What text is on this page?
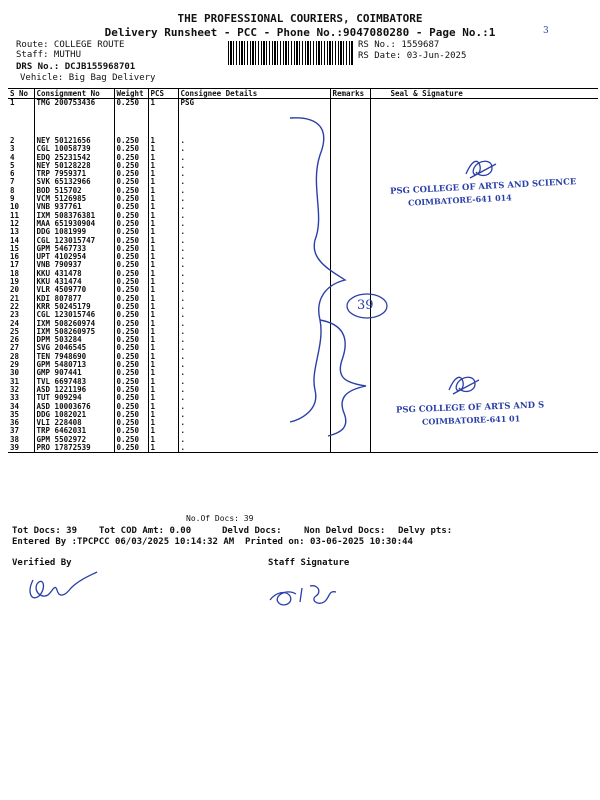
THE PROFESSIONAL COURIERS, COIMBATORE
Delivery Runsheet - PCC - Phone No.:9047080280 - Page No.:1	3
Route: COLLEGE ROUTE
Staff: MUTHU
DRS No.: DCJB155968701
Vehicle: Big Bag Delivery
RS No.: 1559687
RS Date: 03-Jun-2025
S No	Consignment No	Weight	PCS	Consignee Details	Remarks	Seal & Signature
1	TMG 200753436	0.250	1	PSG		
2	NEY 50121656	0.250	1	.		
3	CGL 10058739	0.250	1	.		
4	EDQ 25231542	0.250	1	.		
5	NEY 50128228	0.250	1	.		
6	TRP 7959371	0.250	1	.		
7	SVK 65132966	0.250	1	.		
8	BOD 515702	0.250	1	.		
9	VCM 5126985	0.250	1	.		
10	VNB 937761	0.250	1	.		
11	IXM 508376381	0.250	1	.		
12	MAA 651930904	0.250	1	.		
13	DDG 1081999	0.250	1	.		
14	CGL 123015747	0.250	1	.		
15	GPM 5467733	0.250	1	.		
16	UPT 4102954	0.250	1	.		
17	VNB 790937	0.250	1	.		
18	KKU 431478	0.250	1	.		
19	KKU 431474	0.250	1	.		
20	VLR 4509770	0.250	1	.		
21	KDI 807877	0.250	1	.		
22	KRR 50245179	0.250	1	.		
23	CGL 123015746	0.250	1	.		
24	IXM 508260974	0.250	1	.		
25	IXM 508260975	0.250	1	.		
26	DPM 503284	0.250	1	.		
27	SVG 2046545	0.250	1	.		
28	TEN 7948690	0.250	1	.		
29	GPM 5480713	0.250	1	.		
30	GMP 907441	0.250	1	.		
31	TVL 6697483	0.250	1	.		
32	ASD 1221196	0.250	1	.		
33	TUT 909294	0.250	1	.		
34	ASD 10003676	0.250	1	.		
35	DDG 1082021	0.250	1	.		
36	VLI 228408	0.250	1	.		
37	TRP 6462031	0.250	1	.		
38	GPM 5502972	0.250	1	.		
39	PRO 17872539	0.250	1	.		
No.Of Docs: 39
39
PSG COLLEGE OF ARTS AND SCIENCE
COIMBATORE-641 014
PSG COLLEGE OF ARTS AND S
COIMBATORE-641 01
Tot Docs: 39 Tot COD Amt: 0.00	Delvd Docs: Non Delvd Docs: Delvy pts:
Entered By :TPCPCC 06/03/2025 10:14:32 AM Printed on: 03-06-2025 10:30:44
Verified By	Staff Signature
